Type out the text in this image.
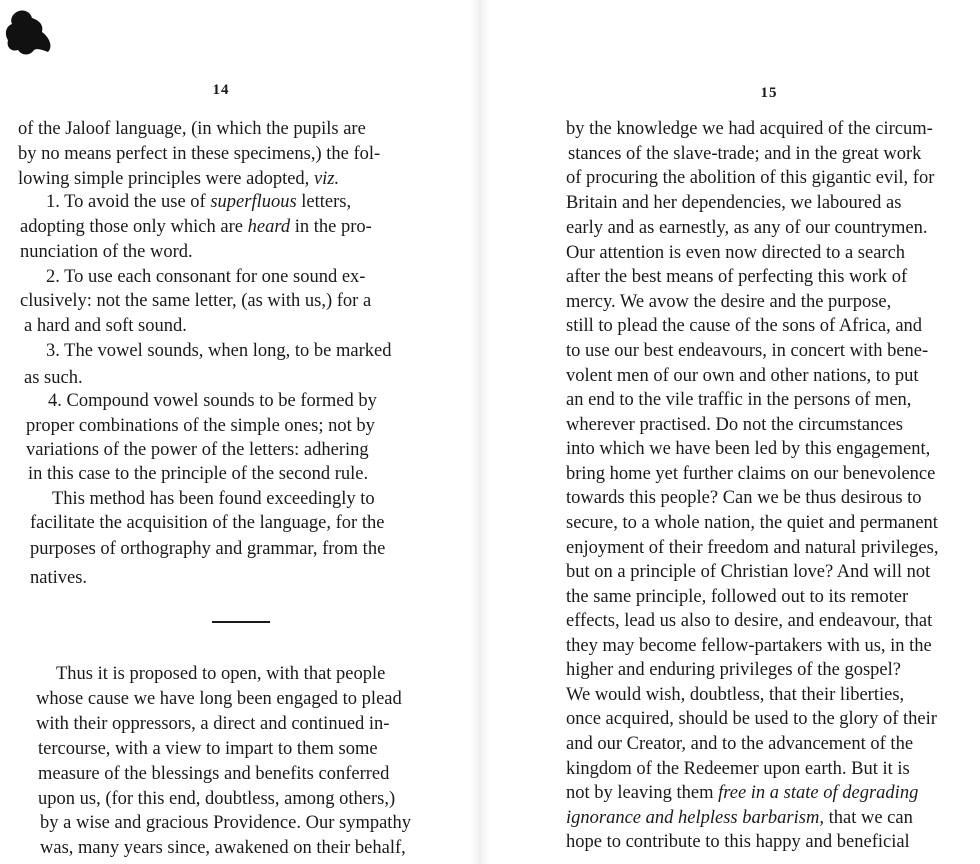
14
of the Jaloof language, (in which the pupils are
by no means perfect in these specimens,) the fol-
lowing simple principles were adopted, viz.
1. To avoid the use of superfluous letters,
adopting those only which are heard in the pro-
nunciation of the word.
2. To use each consonant for one sound ex-
clusively: not the same letter, (as with us,) for a
a hard and soft sound.
3. The vowel sounds, when long, to be marked
as such.
4. Compound vowel sounds to be formed by
proper combinations of the simple ones; not by
variations of the power of the letters: adhering
in this case to the principle of the second rule.
This method has been found exceedingly to
facilitate the acquisition of the language, for the
purposes of orthography and grammar, from the
natives.
Thus it is proposed to open, with that people
whose cause we have long been engaged to plead
with their oppressors, a direct and continued in-
tercourse, with a view to impart to them some
measure of the blessings and benefits conferred
upon us, (for this end, doubtless, among others,)
by a wise and gracious Providence. Our sympathy
was, many years since, awakened on their behalf,
15
by the knowledge we had acquired of the circum-
stances of the slave-trade; and in the great work
of procuring the abolition of this gigantic evil, for
Britain and her dependencies, we laboured as
early and as earnestly, as any of our countrymen.
Our attention is even now directed to a search
after the best means of perfecting this work of
mercy. We avow the desire and the purpose,
still to plead the cause of the sons of Africa, and
to use our best endeavours, in concert with bene-
volent men of our own and other nations, to put
an end to the vile traffic in the persons of men,
wherever practised. Do not the circumstances
into which we have been led by this engagement,
bring home yet further claims on our benevolence
towards this people? Can we be thus desirous to
secure, to a whole nation, the quiet and permanent
enjoyment of their freedom and natural privileges,
but on a principle of Christian love? And will not
the same principle, followed out to its remoter
effects, lead us also to desire, and endeavour, that
they may become fellow-partakers with us, in the
higher and enduring privileges of the gospel?
We would wish, doubtless, that their liberties,
once acquired, should be used to the glory of their
and our Creator, and to the advancement of the
kingdom of the Redeemer upon earth. But it is
not by leaving them free in a state of degrading
ignorance and helpless barbarism, that we can
hope to contribute to this happy and beneficial
